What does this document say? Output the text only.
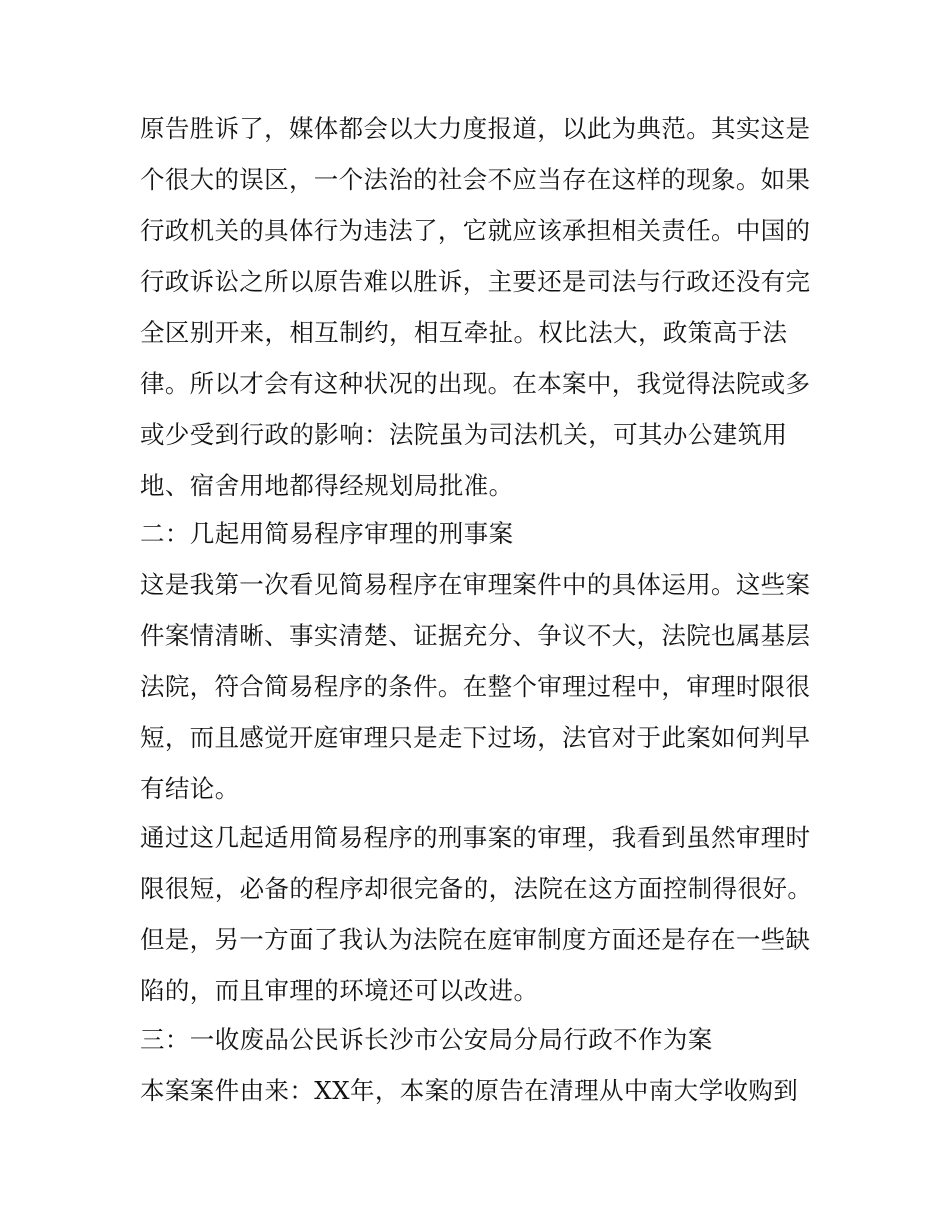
原告胜诉了，媒体都会以大力度报道，以此为典范。其实这是
个很大的误区，一个法治的社会不应当存在这样的现象。如果
行政机关的具体行为违法了，它就应该承担相关责任。中国的
行政诉讼之所以原告难以胜诉，主要还是司法与行政还没有完
全区别开来，相互制约，相互牵扯。权比法大，政策高于法
律。所以才会有这种状况的出现。在本案中，我觉得法院或多
或少受到行政的影响：法院虽为司法机关，可其办公建筑用
地、宿舍用地都得经规划局批准。
二：几起用简易程序审理的刑事案
这是我第一次看见简易程序在审理案件中的具体运用。这些案
件案情清晰、事实清楚、证据充分、争议不大，法院也属基层
法院，符合简易程序的条件。在整个审理过程中，审理时限很
短，而且感觉开庭审理只是走下过场，法官对于此案如何判早
有结论。
通过这几起适用简易程序的刑事案的审理，我看到虽然审理时
限很短，必备的程序却很完备的，法院在这方面控制得很好。
但是，另一方面了我认为法院在庭审制度方面还是存在一些缺
陷的，而且审理的环境还可以改进。
三：一收废品公民诉长沙市公安局分局行政不作为案
本案案件由来：XX年，本案的原告在清理从中南大学收购到
